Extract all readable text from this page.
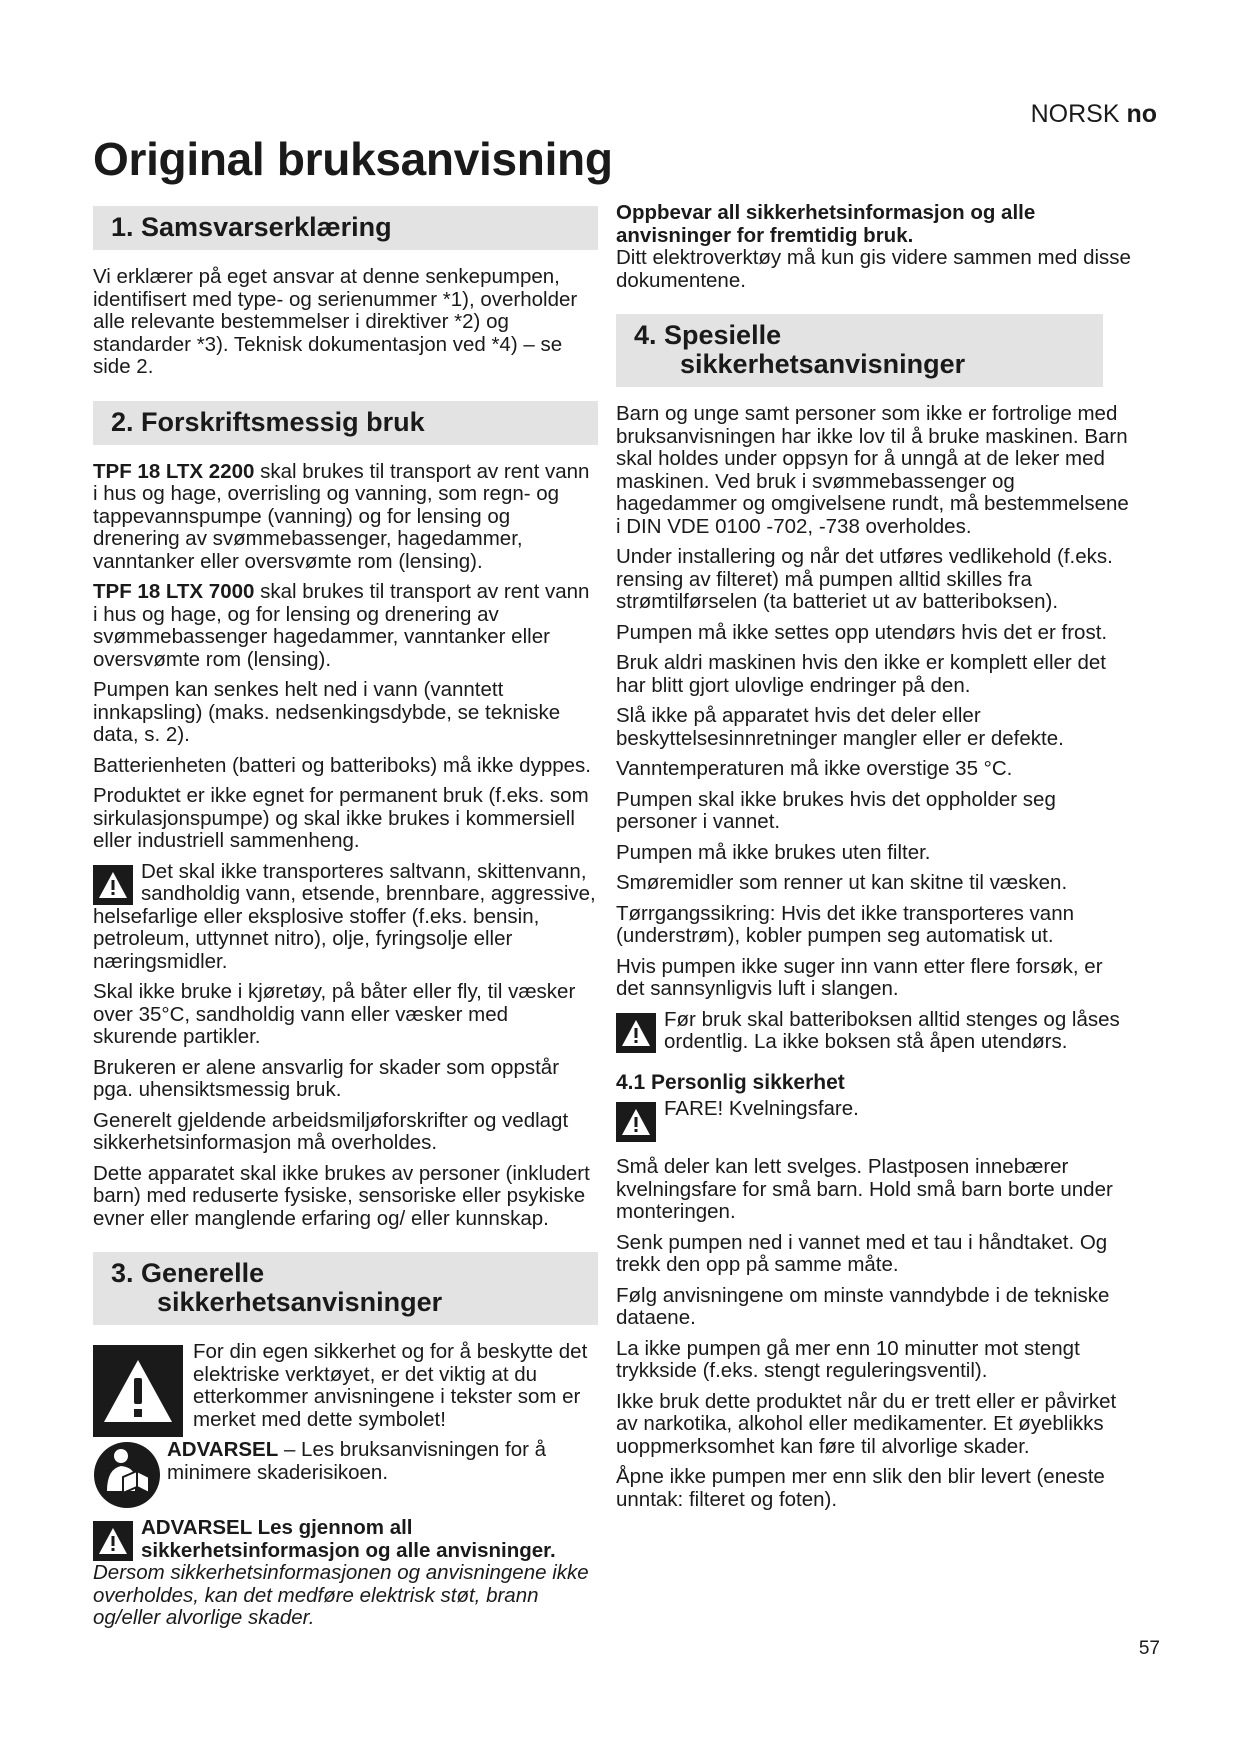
NORSK no
Original bruksanvisning
1. Samsvarserklæring

Vi erklærer på eget ansvar at denne senkepumpen, identifisert med type- og serienummer *1), overholder alle relevante bestemmelser i direktiver *2) og standarder *3). Teknisk dokumentasjon ved *4) – se side 2.

2. Forskriftsmessig bruk

TPF 18 LTX 2200 skal brukes til transport av rent vann i hus og hage, overrisling og vanning, som regn- og tappevannspumpe (vanning) og for lensing og drenering av svømmebassenger, hagedammer, vanntanker eller oversvømte rom (lensing).

TPF 18 LTX 7000 skal brukes til transport av rent vann i hus og hage, og for lensing og drenering av svømmebassenger hagedammer, vanntanker eller oversvømte rom (lensing).

Pumpen kan senkes helt ned i vann (vanntett innkapsling) (maks. nedsenkingsdybde, se tekniske data, s. 2).

Batterienheten (batteri og batteriboks) må ikke dyppes.

Produktet er ikke egnet for permanent bruk (f.eks. som sirkulasjonspumpe) og skal ikke brukes i kommersiell eller industriell sammenheng.

Det skal ikke transporteres saltvann, skittenvann, sandholdig vann, etsende, brennbare, aggressive, helsefarlige eller eksplosive stoffer (f.eks. bensin, petroleum, uttynnet nitro), olje, fyringsolje eller næringsmidler.

Skal ikke bruke i kjøretøy, på båter eller fly, til væsker over 35°C, sandholdig vann eller væsker med skurende partikler.

Brukeren er alene ansvarlig for skader som oppstår pga. uhensiktsmessig bruk.

Generelt gjeldende arbeidsmiljøforskrifter og vedlagt sikkerhetsinformasjon må overholdes.

Dette apparatet skal ikke brukes av personer (inkludert barn) med reduserte fysiske, sensoriske eller psykiske evner eller manglende erfaring og/ eller kunnskap.

3. Generelle
sikkerhetsanvisninger

For din egen sikkerhet og for å beskytte det elektriske verktøyet, er det viktig at du etterkommer anvisningene i tekster som er merket med dette symbolet!

ADVARSEL – Les bruksanvisningen for å minimere skaderisikoen.

ADVARSEL Les gjennom all sikkerhetsinformasjon og alle anvisninger. Dersom sikkerhetsinformasjonen og anvisningene ikke overholdes, kan det medføre elektrisk støt, brann og/eller alvorlige skader.

Oppbevar all sikkerhetsinformasjon og alle anvisninger for fremtidig bruk.
Ditt elektroverktøy må kun gis videre sammen med disse dokumentene.

4. Spesielle
sikkerhetsanvisninger

Barn og unge samt personer som ikke er fortrolige med bruksanvisningen har ikke lov til å bruke maskinen. Barn skal holdes under oppsyn for å unngå at de leker med maskinen. Ved bruk i svømmebassenger og hagedammer og omgivelsene rundt, må bestemmelsene i DIN VDE 0100 -702, -738 overholdes.

Under installering og når det utføres vedlikehold (f.eks. rensing av filteret) må pumpen alltid skilles fra strømtilførselen (ta batteriet ut av batteriboksen).

Pumpen må ikke settes opp utendørs hvis det er frost.

Bruk aldri maskinen hvis den ikke er komplett eller det har blitt gjort ulovlige endringer på den.

Slå ikke på apparatet hvis det deler eller beskyttelsesinnretninger mangler eller er defekte.

Vanntemperaturen må ikke overstige 35 °C.

Pumpen skal ikke brukes hvis det oppholder seg personer i vannet.

Pumpen må ikke brukes uten filter.

Smøremidler som renner ut kan skitne til væsken.

Tørrgangssikring: Hvis det ikke transporteres vann (understrøm), kobler pumpen seg automatisk ut.

Hvis pumpen ikke suger inn vann etter flere forsøk, er det sannsynligvis luft i slangen.

Før bruk skal batteriboksen alltid stenges og låses ordentlig. La ikke boksen stå åpen utendørs.

4.1 Personlig sikkerhet

FARE! Kvelningsfare.

Små deler kan lett svelges. Plastposen innebærer kvelningsfare for små barn. Hold små barn borte under monteringen.

Senk pumpen ned i vannet med et tau i håndtaket. Og trekk den opp på samme måte.

Følg anvisningene om minste vanndybde i de tekniske dataene.

La ikke pumpen gå mer enn 10 minutter mot stengt trykkside (f.eks. stengt reguleringsventil).

Ikke bruk dette produktet når du er trett eller er påvirket av narkotika, alkohol eller medikamenter. Et øyeblikks uoppmerksomhet kan føre til alvorlige skader.

Åpne ikke pumpen mer enn slik den blir levert (eneste unntak: filteret og foten).

57
